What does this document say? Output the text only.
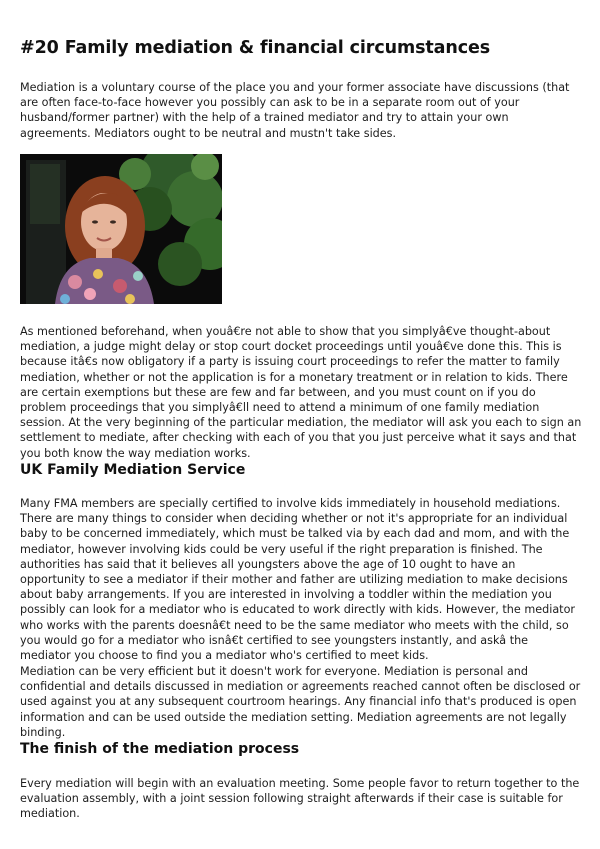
#20 Family mediation & financial circumstances

Mediation is a voluntary course of the place you and your former associate have discussions (that are often face-to-face however you possibly can ask to be in a separate room out of your husband/former partner) with the help of a trained mediator and try to attain your own agreements. Mediators ought to be neutral and mustn't take sides.

As mentioned beforehand, when youâ€re not able to show that you simplyâ€ve thought-about mediation, a judge might delay or stop court docket proceedings until youâ€ve done this. This is because itâ€s now obligatory if a party is issuing court proceedings to refer the matter to family mediation, whether or not the application is for a monetary treatment or in relation to kids. There are certain exemptions but these are few and far between, and you must count on if you do problem proceedings that you simplyâ€ll need to attend a minimum of one family mediation session. At the very beginning of the particular mediation, the mediator will ask you each to sign an settlement to mediate, after checking with each of you that you just perceive what it says and that you both know the way mediation works.

UK Family Mediation Service

Many FMA members are specially certified to involve kids immediately in household mediations. There are many things to consider when deciding whether or not it's appropriate for an individual baby to be concerned immediately, which must be talked via by each dad and mom, and with the mediator, however involving kids could be very useful if the right preparation is finished. The authorities has said that it believes all youngsters above the age of 10 ought to have an opportunity to see a mediator if their mother and father are utilizing mediation to make decisions about baby arrangements. If you are interested in involving a toddler within the mediation you possibly can look for a mediator who is educated to work directly with kids. However, the mediator who works with the parents doesnâ€t need to be the same mediator who meets with the child, so you would go for a mediator who isnâ€t certified to see youngsters instantly, and askâ the mediator you choose to find you a mediator who's certified to meet kids.

Mediation can be very efficient but it doesn't work for everyone. Mediation is personal and confidential and details discussed in mediation or agreements reached cannot often be disclosed or used against you at any subsequent courtroom hearings. Any financial info that's produced is open information and can be used outside the mediation setting. Mediation agreements are not legally binding.

The finish of the mediation process

Every mediation will begin with an evaluation meeting. Some people favor to return together to the evaluation assembly, with a joint session following straight afterwards if their case is suitable for mediation.
